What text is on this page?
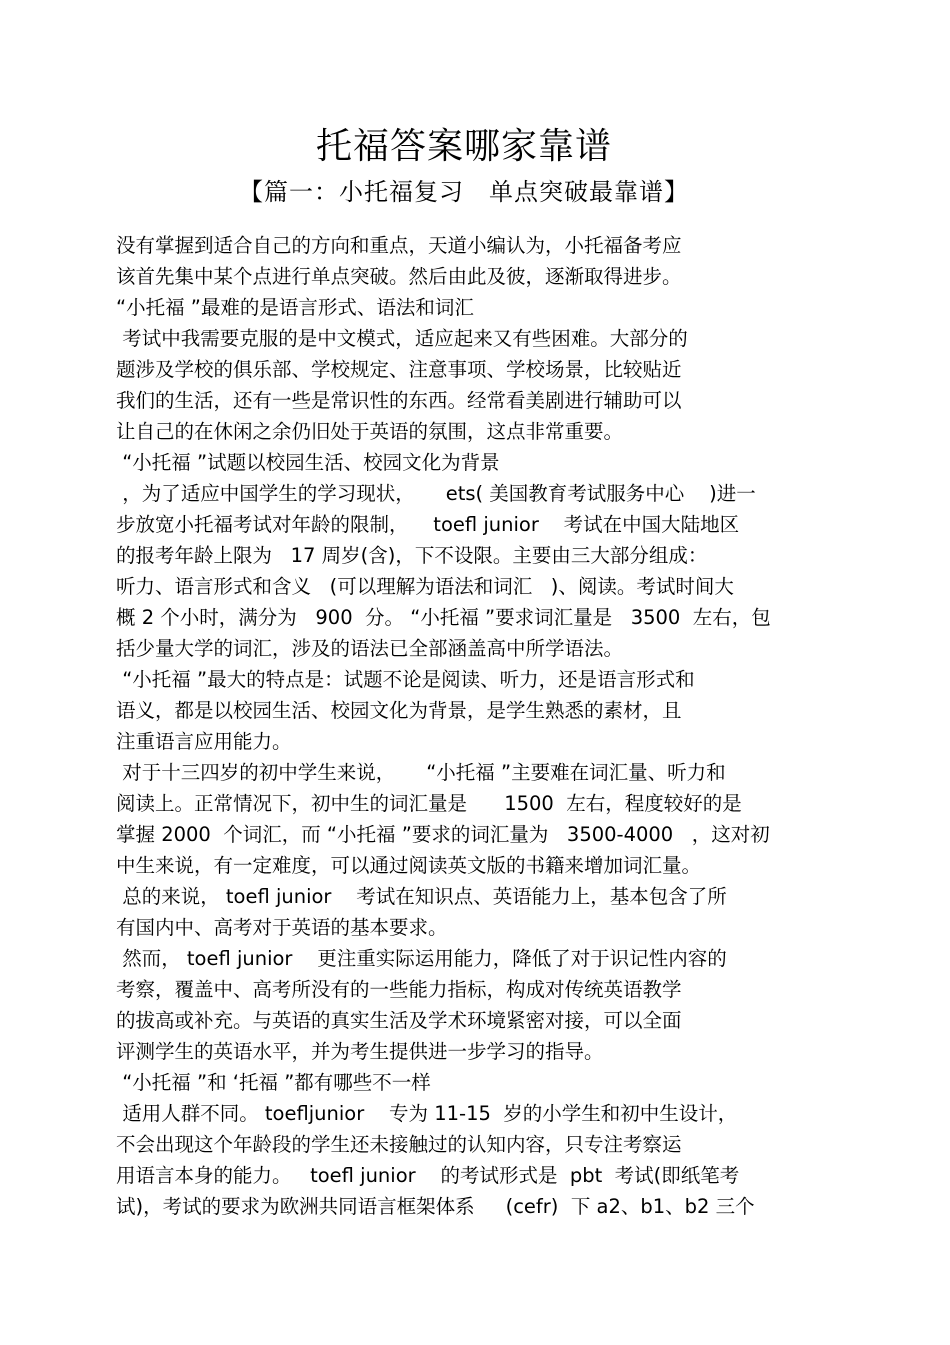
托福答案哪家靠谱
【篇一：小托福复习　单点突破最靠谱】
没有掌握到适合自己的方向和重点，天道小编认为，小托福备考应
该首先集中某个点进行单点突破。然后由此及彼，逐渐取得进步。
“小托福 ”最难的是语言形式、语法和词汇
考试中我需要克服的是中文模式，适应起来又有些困难。大部分的
题涉及学校的俱乐部、学校规定、注意事项、学校场景，比较贴近
我们的生活，还有一些是常识性的东西。经常看美剧进行辅助可以
让自己的在休闲之余仍旧处于英语的氛围，这点非常重要。
“小托福 ”试题以校园生活、校园文化为背景
，为了适应中国学生的学习现状，     ets( 美国教育考试服务中心    )进一
步放宽小托福考试对年龄的限制，    toefl junior    考试在中国大陆地区
的报考年龄上限为   17 周岁(含)，下不设限。主要由三大部分组成：
听力、语言形式和含义   (可以理解为语法和词汇   )、阅读。考试时间大
概 2 个小时，满分为   900  分。 “小托福 ”要求词汇量是   3500  左右，包
括少量大学的词汇，涉及的语法已全部涵盖高中所学语法。
“小托福 ”最大的特点是：试题不论是阅读、听力，还是语言形式和
语义，都是以校园生活、校园文化为背景，是学生熟悉的素材，且
注重语言应用能力。
对于十三四岁的初中学生来说，     “小托福 ”主要难在词汇量、听力和
阅读上。正常情况下，初中生的词汇量是      1500  左右，程度较好的是
掌握 2000  个词汇，而 “小托福 ”要求的词汇量为   3500-4000   ，这对初
中生来说，有一定难度，可以通过阅读英文版的书籍来增加词汇量。
总的来说， toefl junior    考试在知识点、英语能力上，基本包含了所
有国内中、高考对于英语的基本要求。
然而， toefl junior    更注重实际运用能力，降低了对于识记性内容的
考察，覆盖中、高考所没有的一些能力指标，构成对传统英语教学
的拔高或补充。与英语的真实生活及学术环境紧密对接，可以全面
评测学生的英语水平，并为考生提供进一步学习的指导。
“小托福 ”和 ‘托福 ”都有哪些不一样
适用人群不同。 toefljunior    专为 11-15  岁的小学生和初中生设计，
不会出现这个年龄段的学生还未接触过的认知内容，只专注考察运
用语言本身的能力。   toefl junior    的考试形式是  pbt  考试(即纸笔考
试)，考试的要求为欧洲共同语言框架体系     (cefr)  下 a2、b1、b2 三个
